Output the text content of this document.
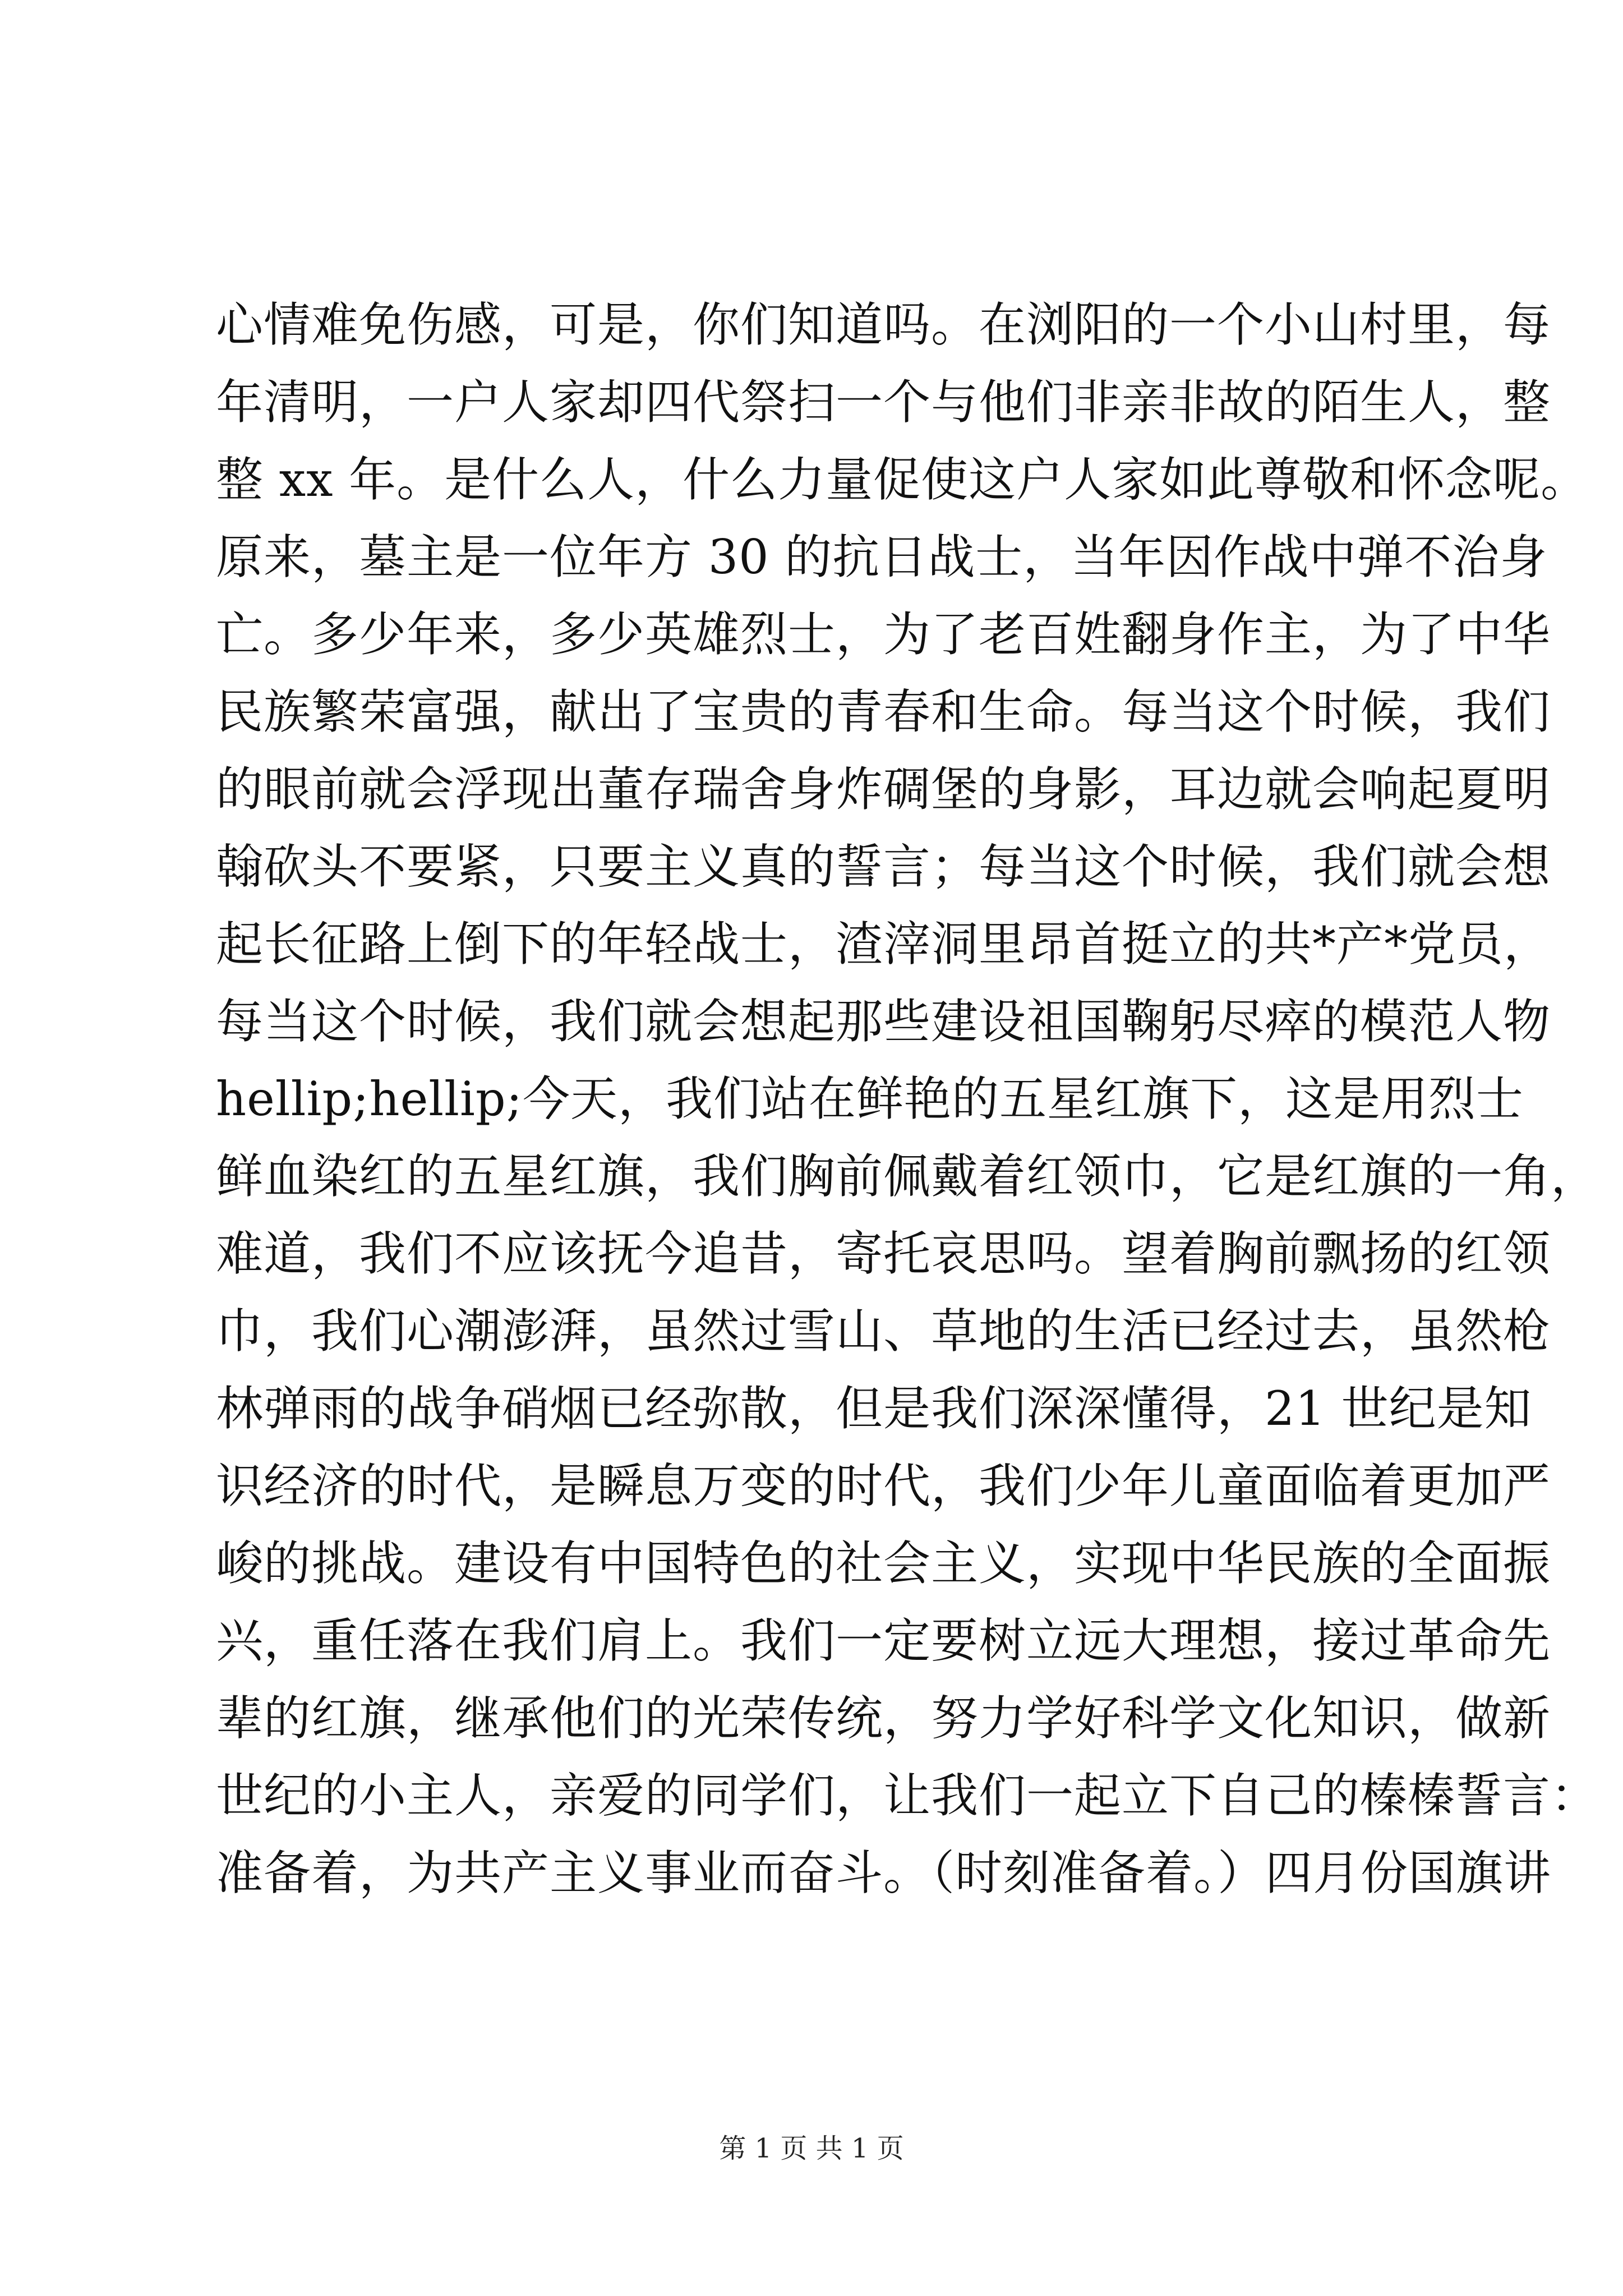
心情难免伤感，可是，你们知道吗。在浏阳的一个小山村里，每
年清明，一户人家却四代祭扫一个与他们非亲非故的陌生人，整
整 xx 年。是什么人，什么力量促使这户人家如此尊敬和怀念呢。
原来，墓主是一位年方 30 的抗日战士，当年因作战中弹不治身
亡。多少年来，多少英雄烈士，为了老百姓翻身作主，为了中华
民族繁荣富强，献出了宝贵的青春和生命。每当这个时候，我们
的眼前就会浮现出董存瑞舍身炸碉堡的身影，耳边就会响起夏明
翰砍头不要紧，只要主义真的誓言；每当这个时候，我们就会想
起长征路上倒下的年轻战士，渣滓洞里昂首挺立的共*产*党员，
每当这个时候，我们就会想起那些建设祖国鞠躬尽瘁的模范人物
hellip;hellip;今天，我们站在鲜艳的五星红旗下，这是用烈士
鲜血染红的五星红旗，我们胸前佩戴着红领巾，它是红旗的一角，
难道，我们不应该抚今追昔，寄托哀思吗。望着胸前飘扬的红领
巾，我们心潮澎湃，虽然过雪山、草地的生活已经过去，虽然枪
林弹雨的战争硝烟已经弥散，但是我们深深懂得，21 世纪是知
识经济的时代，是瞬息万变的时代，我们少年儿童面临着更加严
峻的挑战。建设有中国特色的社会主义，实现中华民族的全面振
兴，重任落在我们肩上。我们一定要树立远大理想，接过革命先
辈的红旗，继承他们的光荣传统，努力学好科学文化知识，做新
世纪的小主人，亲爱的同学们，让我们一起立下自己的榛榛誓言：
准备着，为共产主义事业而奋斗。（时刻准备着。）四月份国旗讲
第 1 页 共 1 页
